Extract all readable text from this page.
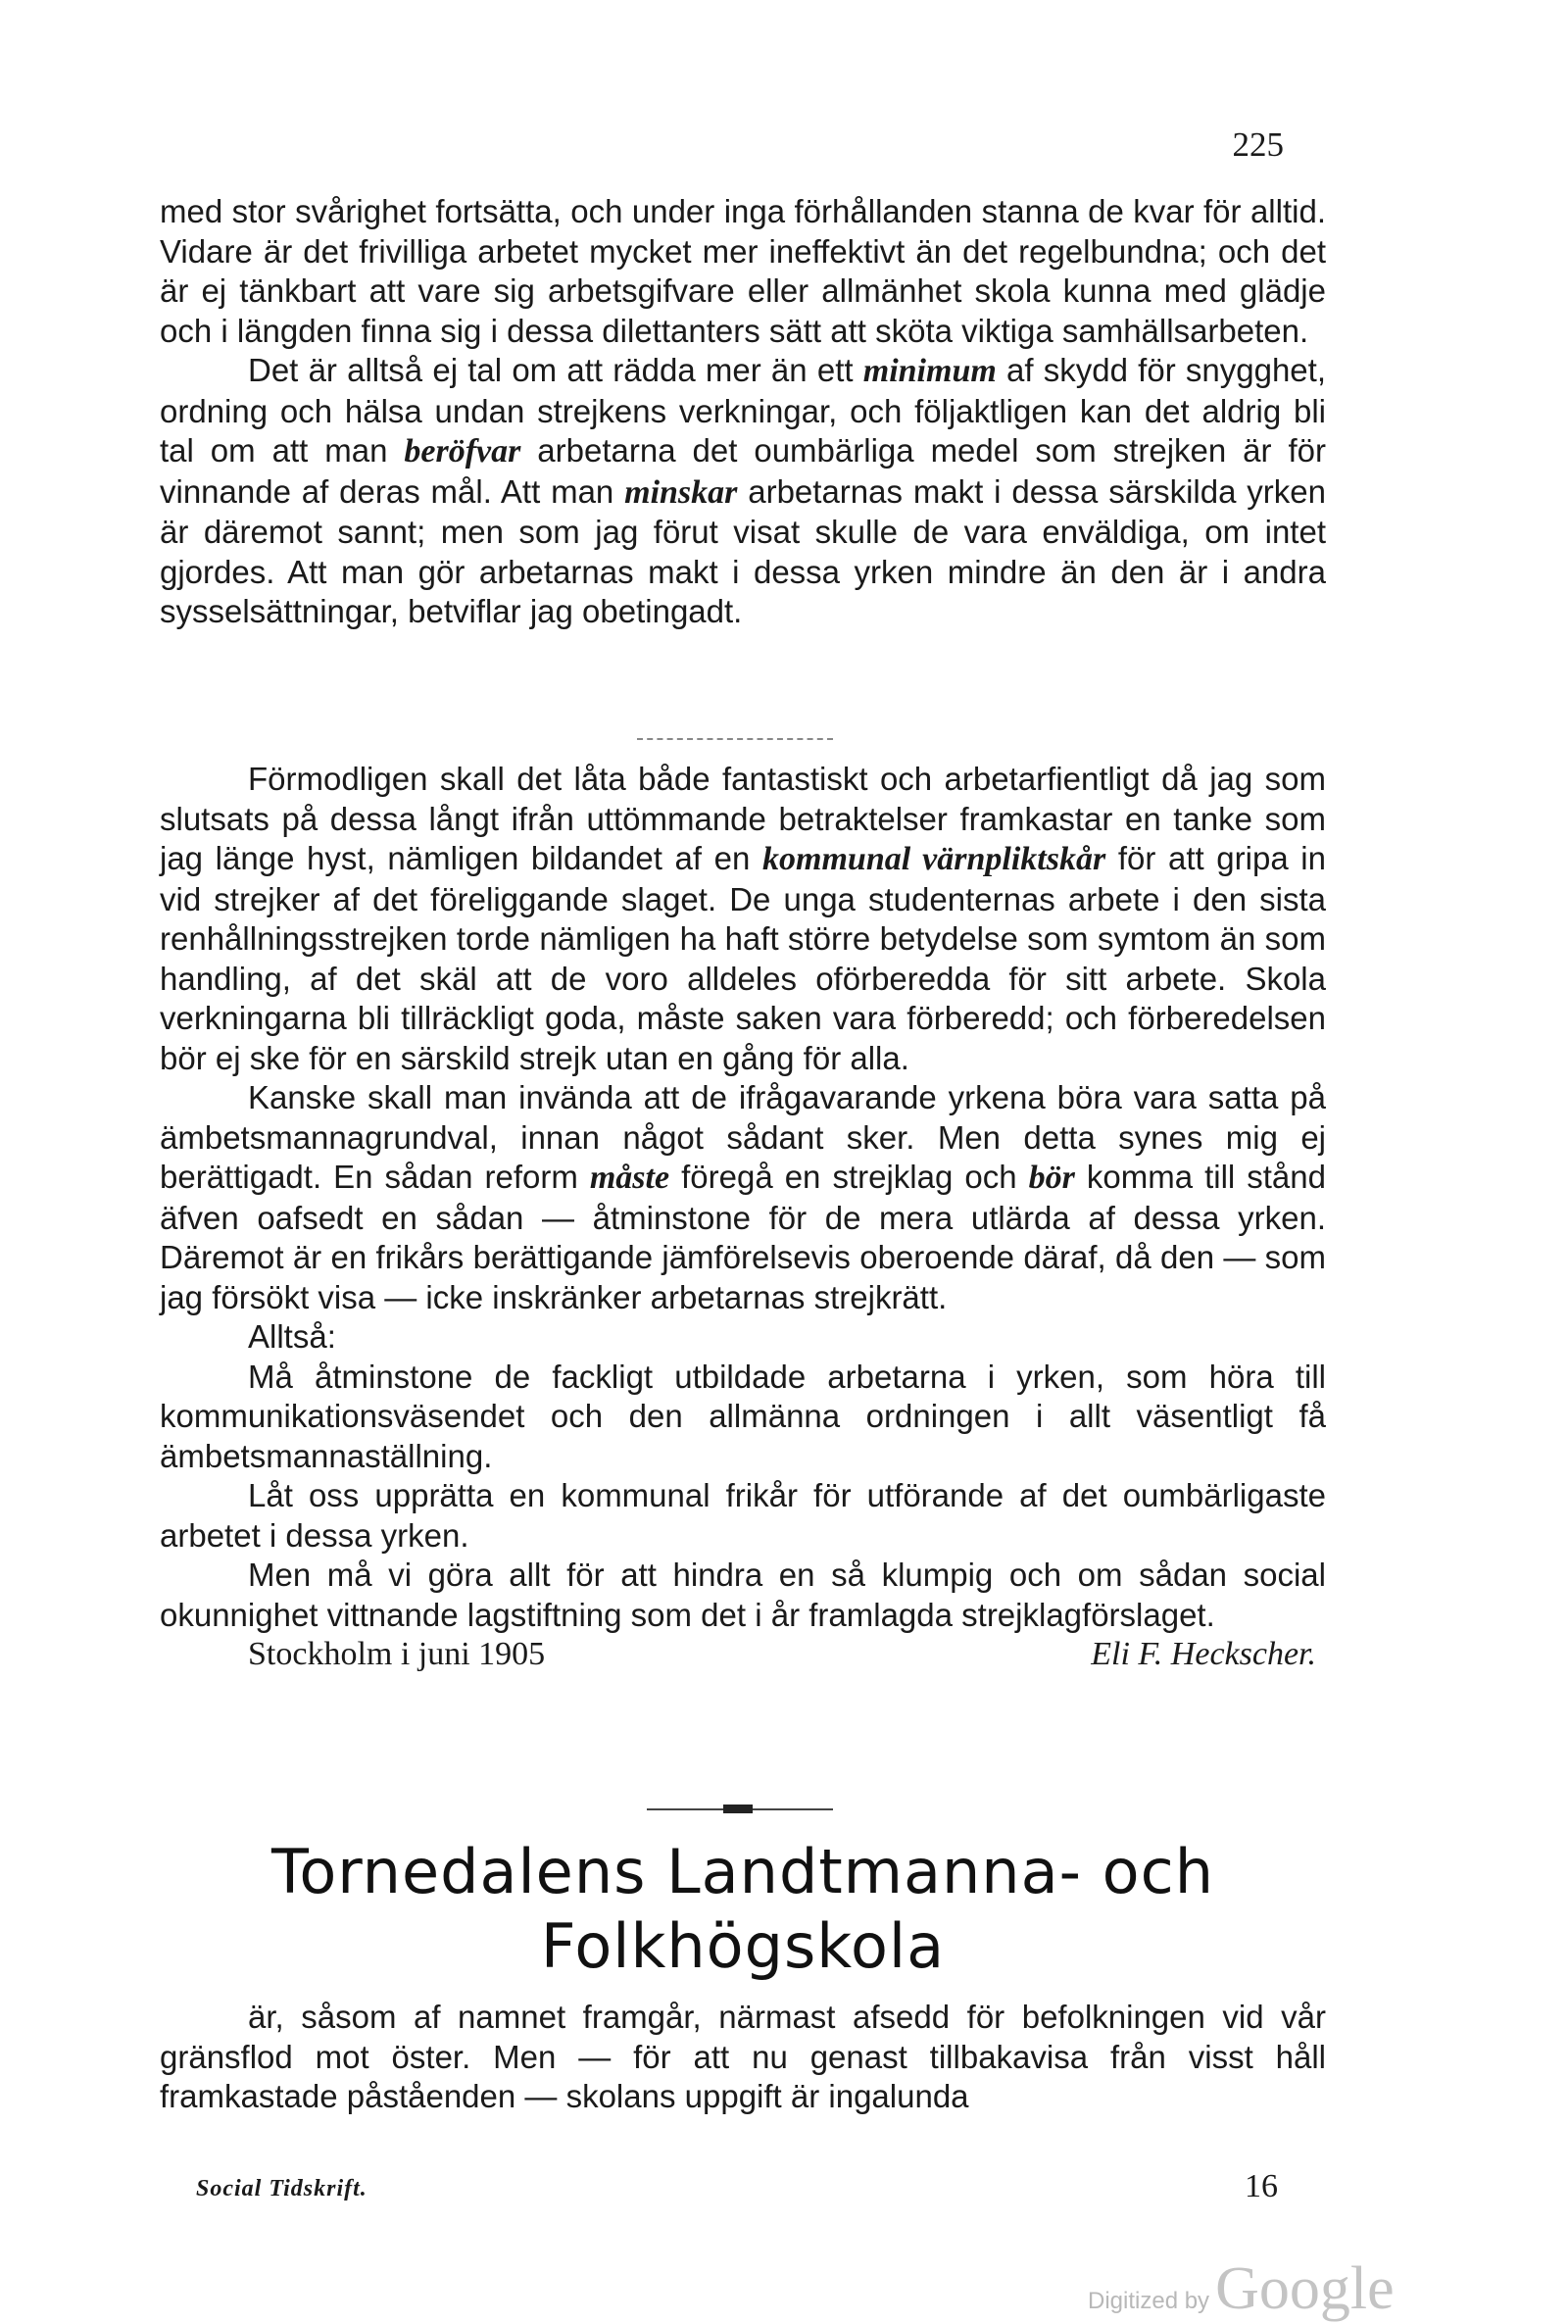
225

med stor svårighet fortsätta, och under inga förhållanden stanna de kvar för alltid. Vidare är det frivilliga arbetet mycket mer ineffektivt än det regelbundna; och det är ej tänkbart att vare sig arbetsgifvare eller allmänhet skola kunna med glädje och i längden finna sig i dessa dilettanters sätt att sköta viktiga samhällsarbeten.

Det är alltså ej tal om att rädda mer än ett minimum af skydd för snygghet, ordning och hälsa undan strejkens verkningar, och följaktligen kan det aldrig bli tal om att man beröfvar arbetarna det oumbärliga medel som strejken är för vinnande af deras mål. Att man minskar arbetarnas makt i dessa särskilda yrken är däremot sannt; men som jag förut visat skulle de vara enväldiga, om intet gjordes. Att man gör arbetarnas makt i dessa yrken mindre än den är i andra sysselsättningar, betviflar jag obetingadt.

Förmodligen skall det låta både fantastiskt och arbetarfientligt då jag som slutsats på dessa långt ifrån uttömmande betraktelser framkastar en tanke som jag länge hyst, nämligen bildandet af en kommunal värnpliktskår för att gripa in vid strejker af det föreliggande slaget. De unga studenternas arbete i den sista renhållningsstrejken torde nämligen ha haft större betydelse som symtom än som handling, af det skäl att de voro alldeles oförberedda för sitt arbete. Skola verkningarna bli tillräckligt goda, måste saken vara förberedd; och förberedelsen bör ej ske för en särskild strejk utan en gång för alla.

Kanske skall man invända att de ifrågavarande yrkena böra vara satta på ämbetsmannagrundval, innan något sådant sker. Men detta synes mig ej berättigadt. En sådan reform måste föregå en strejklag och bör komma till stånd äfven oafsedt en sådan — åtminstone för de mera utlärda af dessa yrken. Däremot är en frikårs berättigande jämförelsevis oberoende däraf, då den — som jag försökt visa — icke inskränker arbetarnas strejkrätt.

Alltså:

Må åtminstone de fackligt utbildade arbetarna i yrken, som höra till kommunikationsväsendet och den allmänna ordningen i allt väsentligt få ämbetsmannaställning.

Låt oss upprätta en kommunal frikår för utförande af det oumbärligaste arbetet i dessa yrken.

Men må vi göra allt för att hindra en så klumpig och om sådan social okunnighet vittnande lagstiftning som det i år framlagda strejklagförslaget.

Stockholm i juni 1905	Eli F. Heckscher.
Tornedalens Landtmanna- och
Folkhögskola

är, såsom af namnet framgår, närmast afsedd för befolkningen vid vår gränsflod mot öster. Men — för att nu genast tillbakavisa från visst håll framkastade påståenden — skolans uppgift är ingalunda

Social Tidskrift.	16
Digitized by Google
